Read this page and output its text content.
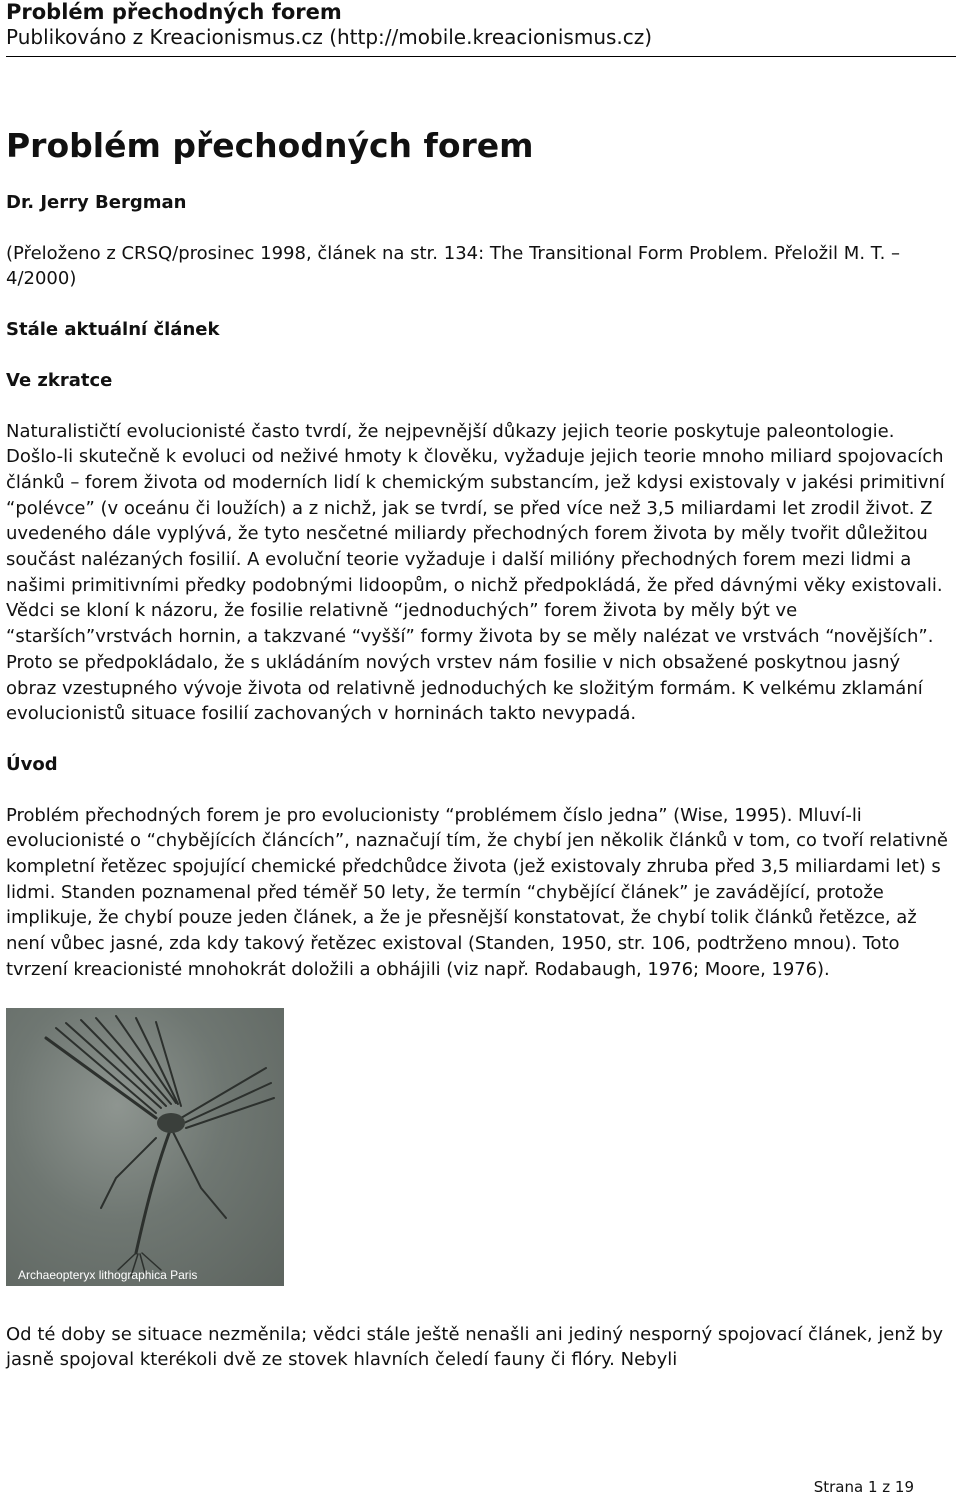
Problém přechodných forem
Publikováno z Kreacionismus.cz (http://mobile.kreacionismus.cz)
Problém přechodných forem
Dr. Jerry Bergman
(Přeloženo z CRSQ/prosinec 1998, článek na str. 134: The Transitional Form Problem. Přeložil M. T. – 4/2000)
Stále aktuální článek
Ve zkratce
Naturalističtí evolucionisté často tvrdí, že nejpevnější důkazy jejich teorie poskytuje paleontologie. Došlo-li skutečně k evoluci od neživé hmoty k člověku, vyžaduje jejich teorie mnoho miliard spojovacích článků – forem života od moderních lidí k chemickým substancím, jež kdysi existovaly v jakési primitivní “polévce” (v oceánu či loužích) a z nichž, jak se tvrdí, se před více než 3,5 miliardami let zrodil život. Z uvedeného dále vyplývá, že tyto nesčetné miliardy přechodných forem života by měly tvořit důležitou součást nalézaných fosilií. A evoluční teorie vyžaduje i další milióny přechodných forem mezi lidmi a našimi primitivními předky podobnými lidoopům, o nichž předpokládá, že před dávnými věky existovali. Vědci se kloní k názoru, že fosilie relativně “jednoduchých” forem života by měly být ve “starších”vrstvách hornin, a takzvané “vyšší” formy života by se měly nalézat ve vrstvách “novějších”. Proto se předpokládalo, že s ukládáním nových vrstev nám fosilie v nich obsažené poskytnou jasný obraz vzestupného vývoje života od relativně jednoduchých ke složitým formám. K velkému zklamání evolucionistů situace fosilií zachovaných v horninách takto nevypadá.
Úvod
Problém přechodných forem je pro evolucionisty “problémem číslo jedna” (Wise, 1995). Mluví-li evolucionisté o “chybějících článcích”, naznačují tím, že chybí jen několik článků v tom, co tvoří relativně kompletní řetězec spojující chemické předchůdce života (jež existovaly zhruba před 3,5 miliardami let) s lidmi. Standen poznamenal před téměř 50 lety, že termín “chybějící článek” je zavádějící, protože implikuje, že chybí pouze jeden článek, a že je přesnější konstatovat, že chybí tolik článků řetězce, až není vůbec jasné, zda kdy takový řetězec existoval (Standen, 1950, str. 106, podtrženo mnou). Toto tvrzení kreacionisté mnohokrát doložili a obhájili (viz např. Rodabaugh, 1976; Moore, 1976).
Archaeopteryx lithographica Paris
Od té doby se situace nezměnila; vědci stále ještě nenašli ani jediný nesporný spojovací článek, jenž by jasně spojoval kterékoli dvě ze stovek hlavních čeledí fauny či flóry. Nebyli
Strana 1 z 19
